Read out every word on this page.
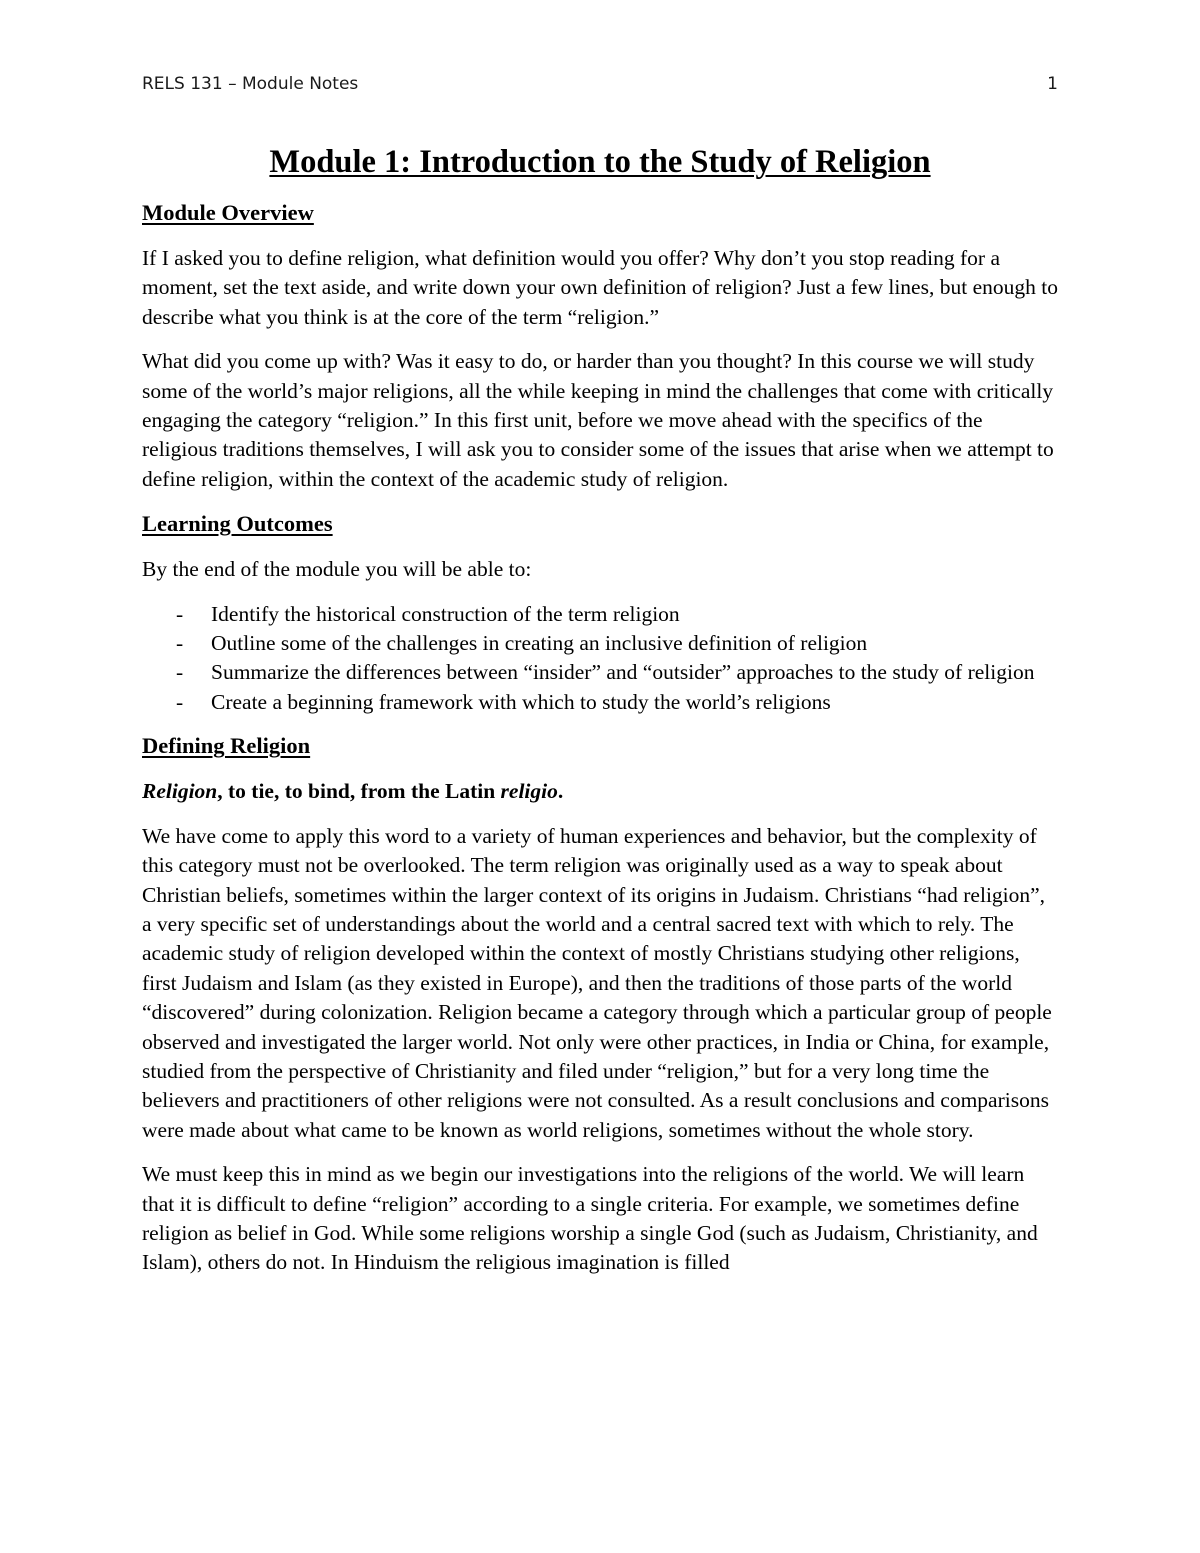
RELS 131 – Module Notes	1
Module 1: Introduction to the Study of Religion
Module Overview

If I asked you to define religion, what definition would you offer? Why don’t you stop reading for a moment, set the text aside, and write down your own definition of religion? Just a few lines, but enough to describe what you think is at the core of the term “religion.”

What did you come up with? Was it easy to do, or harder than you thought? In this course we will study some of the world’s major religions, all the while keeping in mind the challenges that come with critically engaging the category “religion.” In this first unit, before we move ahead with the specifics of the religious traditions themselves, I will ask you to consider some of the issues that arise when we attempt to define religion, within the context of the academic study of religion.

Learning Outcomes

By the end of the module you will be able to:

- Identify the historical construction of the term religion
- Outline some of the challenges in creating an inclusive definition of religion
- Summarize the differences between “insider” and “outsider” approaches to the study of religion
- Create a beginning framework with which to study the world’s religions
Defining Religion

Religion, to tie, to bind, from the Latin religio.

We have come to apply this word to a variety of human experiences and behavior, but the complexity of this category must not be overlooked. The term religion was originally used as a way to speak about Christian beliefs, sometimes within the larger context of its origins in Judaism. Christians “had religion”, a very specific set of understandings about the world and a central sacred text with which to rely. The academic study of religion developed within the context of mostly Christians studying other religions, first Judaism and Islam (as they existed in Europe), and then the traditions of those parts of the world “discovered” during colonization. Religion became a category through which a particular group of people observed and investigated the larger world. Not only were other practices, in India or China, for example, studied from the perspective of Christianity and filed under “religion,” but for a very long time the believers and practitioners of other religions were not consulted. As a result conclusions and comparisons were made about what came to be known as world religions, sometimes without the whole story.

We must keep this in mind as we begin our investigations into the religions of the world. We will learn that it is difficult to define “religion” according to a single criteria. For example, we sometimes define religion as belief in God. While some religions worship a single God (such as Judaism, Christianity, and Islam), others do not. In Hinduism the religious imagination is filled
